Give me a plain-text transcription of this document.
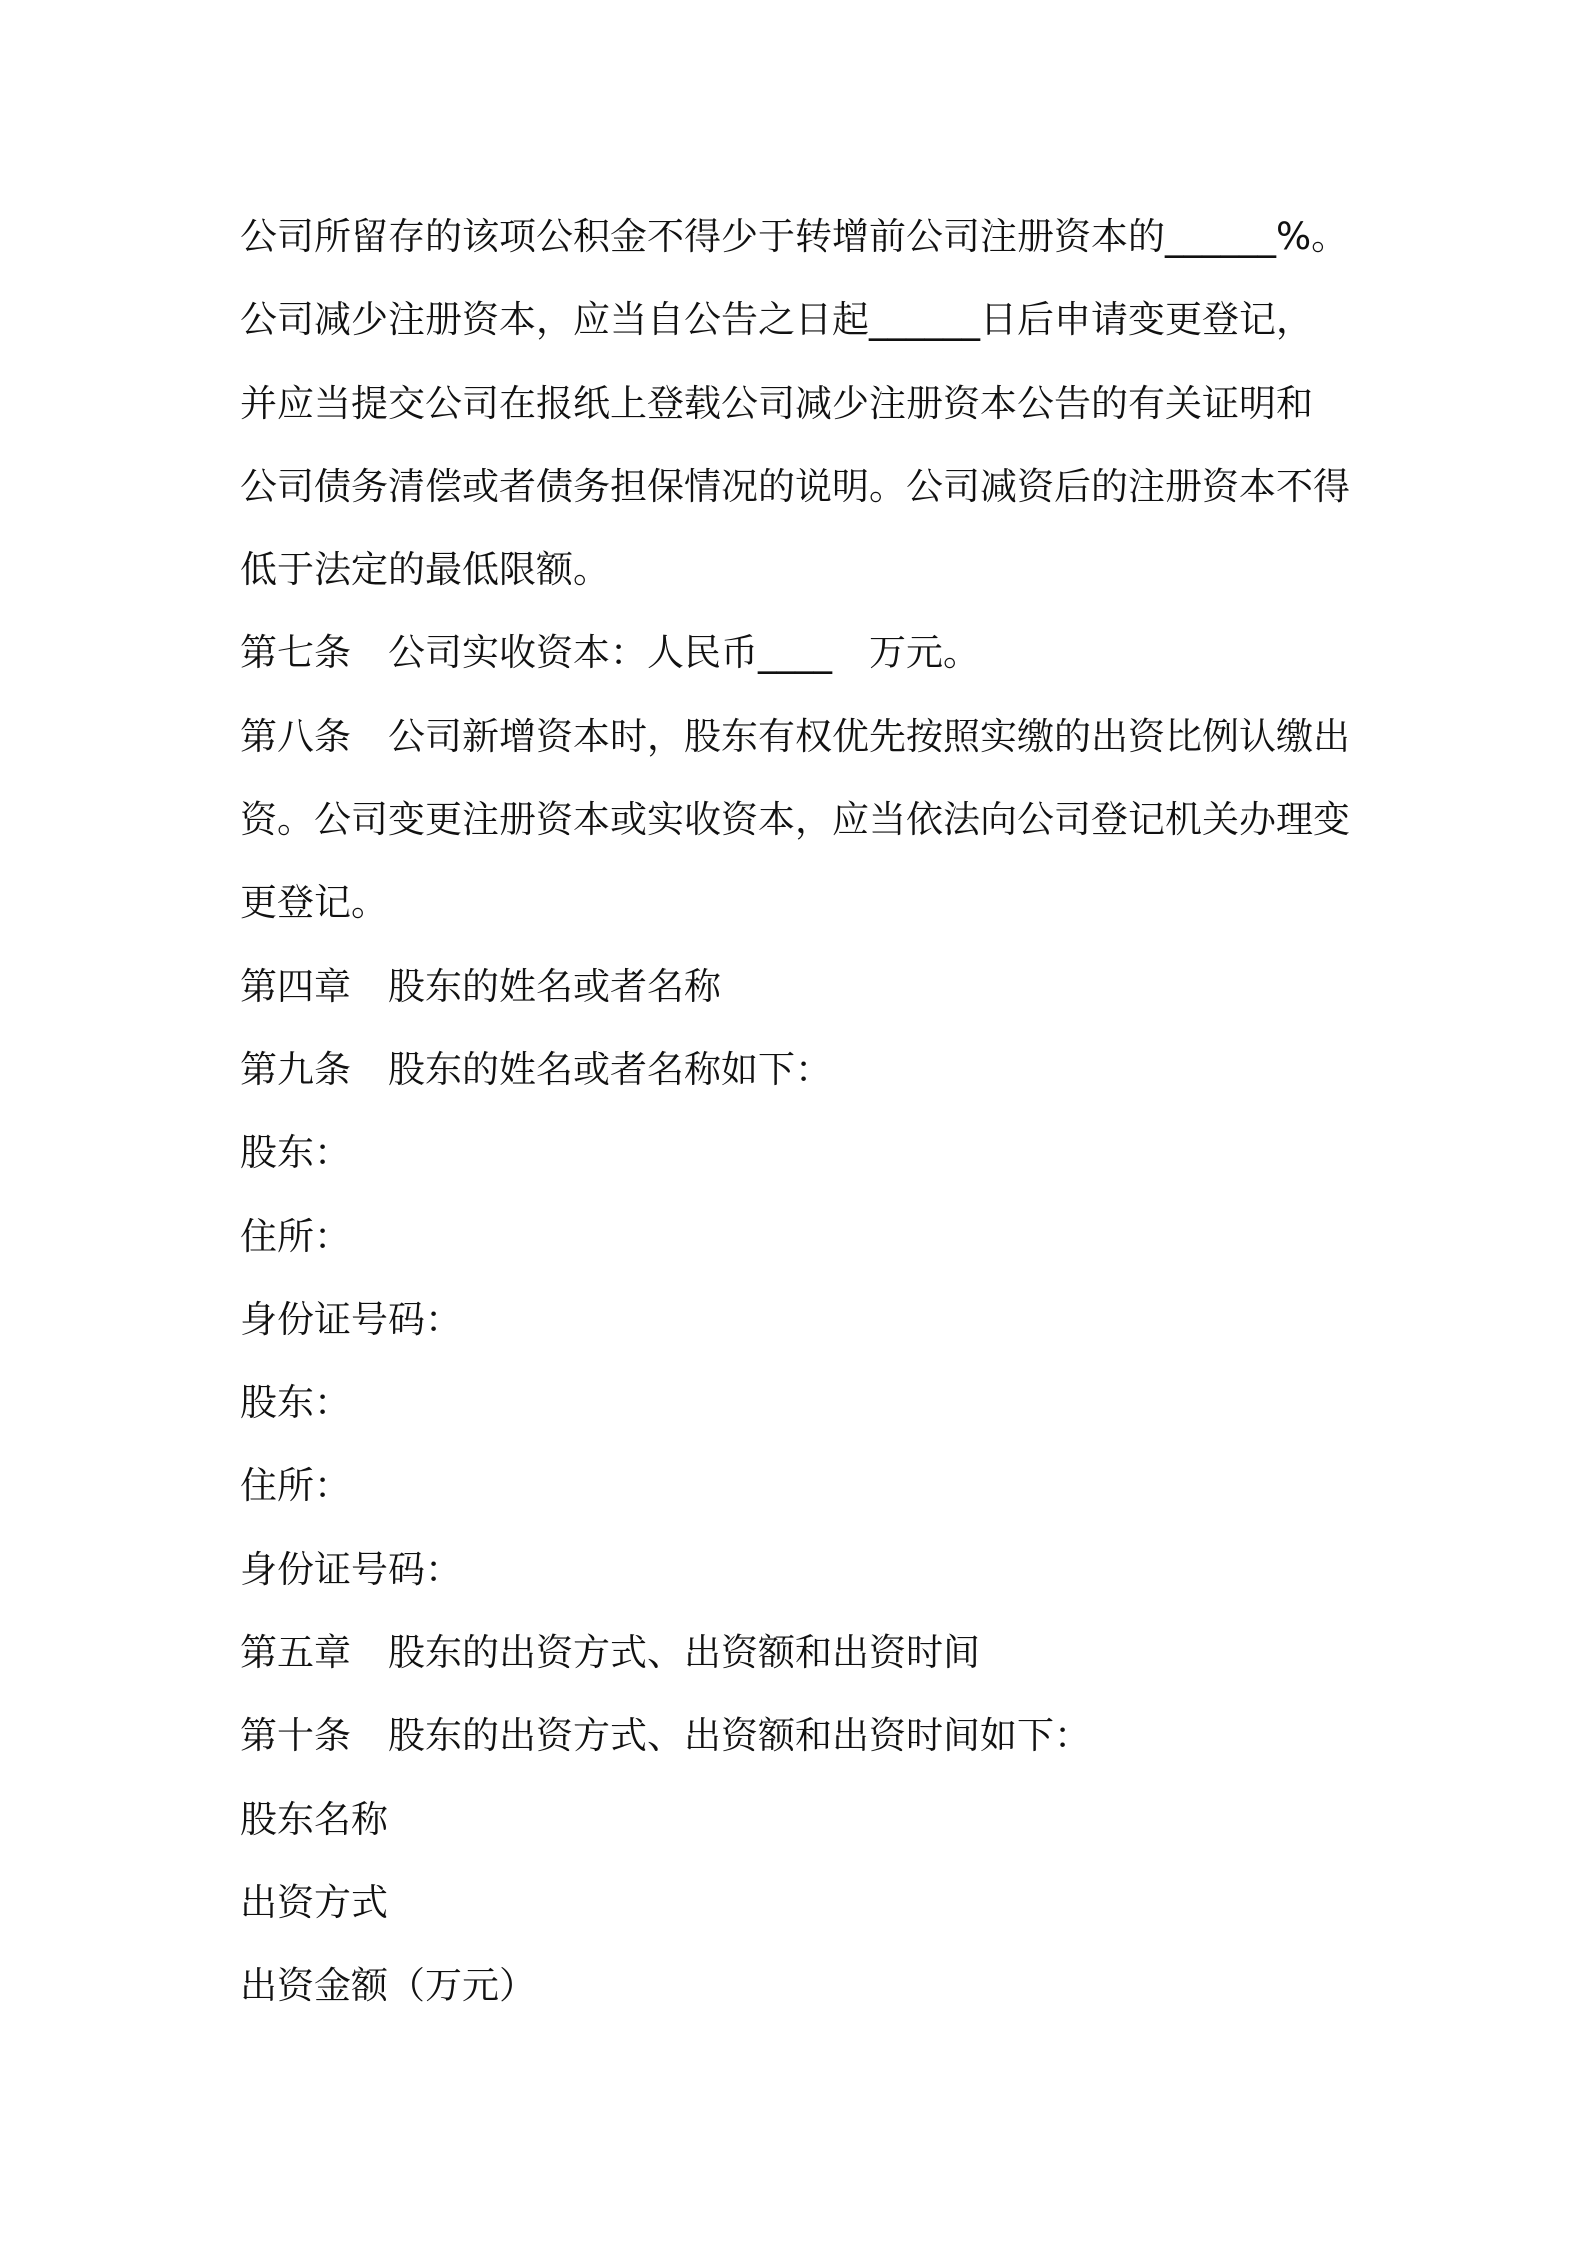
公司所留存的该项公积金不得少于转增前公司注册资本的______%。
公司减少注册资本，应当自公告之日起______日后申请变更登记，
并应当提交公司在报纸上登载公司减少注册资本公告的有关证明和
公司债务清偿或者债务担保情况的说明。公司减资后的注册资本不得
低于法定的最低限额。
第七条　公司实收资本：人民币____　万元。
第八条　公司新增资本时，股东有权优先按照实缴的出资比例认缴出
资。公司变更注册资本或实收资本，应当依法向公司登记机关办理变
更登记。
第四章　股东的姓名或者名称
第九条　股东的姓名或者名称如下：
股东：
住所：
身份证号码：
股东：
住所：
身份证号码：
第五章　股东的出资方式、出资额和出资时间
第十条　股东的出资方式、出资额和出资时间如下：
股东名称
出资方式
出资金额（万元）
